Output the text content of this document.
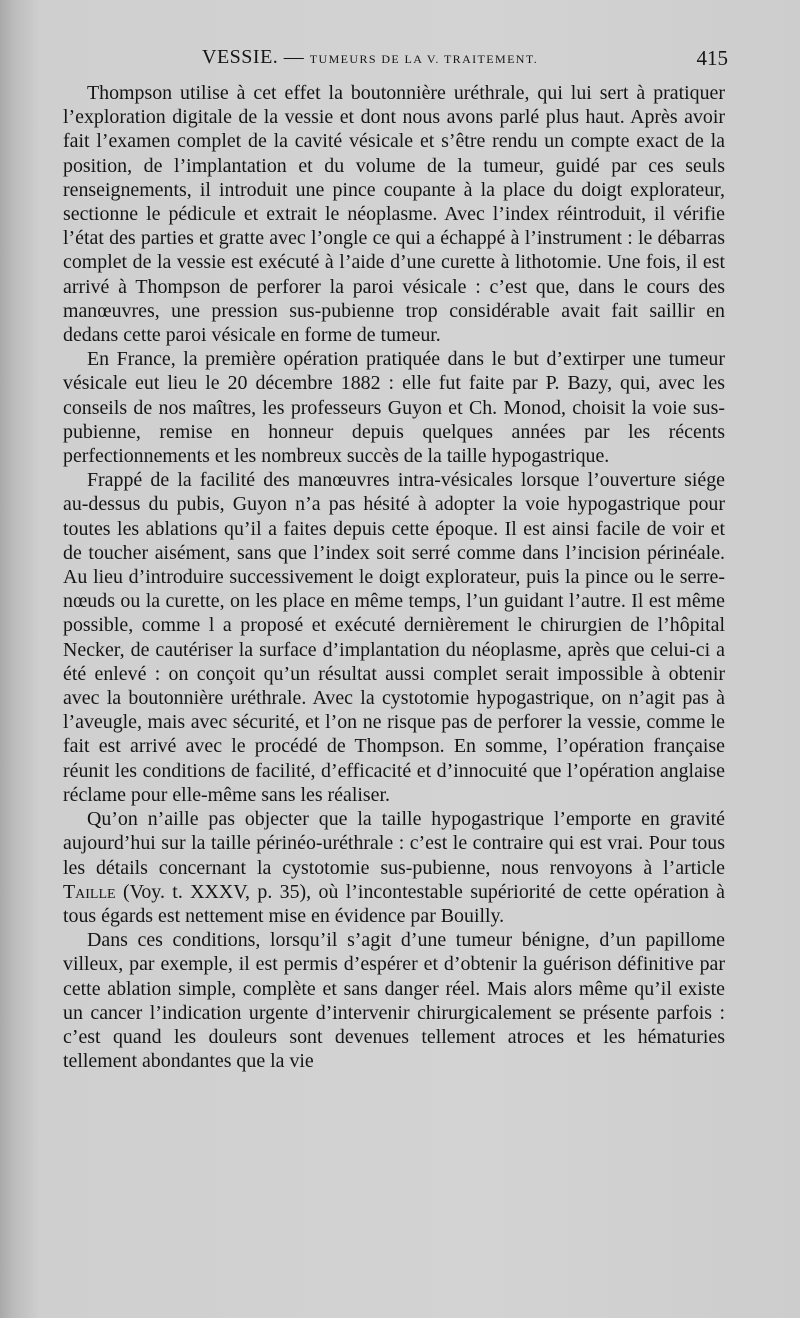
VESSIE. — TUMEURS DE LA V. TRAITEMENT.	415

Thompson utilise à cet effet la boutonnière uréthrale, qui lui sert à pratiquer l’exploration digitale de la vessie et dont nous avons parlé plus haut. Après avoir fait l’examen complet de la cavité vésicale et s’être rendu un compte exact de la position, de l’implantation et du volume de la tumeur, guidé par ces seuls renseignements, il introduit une pince coupante à la place du doigt explorateur, sectionne le pédicule et extrait le néoplasme. Avec l’index réintroduit, il vérifie l’état des parties et gratte avec l’ongle ce qui a échappé à l’instrument : le débarras complet de la vessie est exécuté à l’aide d’une curette à lithotomie. Une fois, il est arrivé à Thompson de perforer la paroi vésicale : c’est que, dans le cours des manœuvres, une pression sus-pubienne trop considérable avait fait saillir en dedans cette paroi vésicale en forme de tumeur.

En France, la première opération pratiquée dans le but d’extirper une tumeur vésicale eut lieu le 20 décembre 1882 : elle fut faite par P. Bazy, qui, avec les conseils de nos maîtres, les professeurs Guyon et Ch. Monod, choisit la voie sus-pubienne, remise en honneur depuis quelques années par les récents perfectionnements et les nombreux succès de la taille hypogastrique.

Frappé de la facilité des manœuvres intra-vésicales lorsque l’ouverture siége au-dessus du pubis, Guyon n’a pas hésité à adopter la voie hypogastrique pour toutes les ablations qu’il a faites depuis cette époque. Il est ainsi facile de voir et de toucher aisément, sans que l’index soit serré comme dans l’incision périnéale. Au lieu d’introduire successivement le doigt explorateur, puis la pince ou le serre-nœuds ou la curette, on les place en même temps, l’un guidant l’autre. Il est même possible, comme l a proposé et exécuté dernièrement le chirurgien de l’hôpital Necker, de cautériser la surface d’implantation du néoplasme, après que celui-ci a été enlevé : on conçoit qu’un résultat aussi complet serait impossible à obtenir avec la boutonnière uréthrale. Avec la cystotomie hypogastrique, on n’agit pas à l’aveugle, mais avec sécurité, et l’on ne risque pas de perforer la vessie, comme le fait est arrivé avec le procédé de Thompson. En somme, l’opération française réunit les conditions de facilité, d’efficacité et d’innocuité que l’opération anglaise réclame pour elle-même sans les réaliser.

Qu’on n’aille pas objecter que la taille hypogastrique l’emporte en gravité aujourd’hui sur la taille périnéo-uréthrale : c’est le contraire qui est vrai. Pour tous les détails concernant la cystotomie sus-pubienne, nous renvoyons à l’article Taille (Voy. t. XXXV, p. 35), où l’incontestable supériorité de cette opération à tous égards est nettement mise en évidence par Bouilly.

Dans ces conditions, lorsqu’il s’agit d’une tumeur bénigne, d’un papillome villeux, par exemple, il est permis d’espérer et d’obtenir la guérison définitive par cette ablation simple, complète et sans danger réel. Mais alors même qu’il existe un cancer l’indication urgente d’intervenir chirurgicalement se présente parfois : c’est quand les douleurs sont devenues tellement atroces et les hématuries tellement abondantes que la vie
